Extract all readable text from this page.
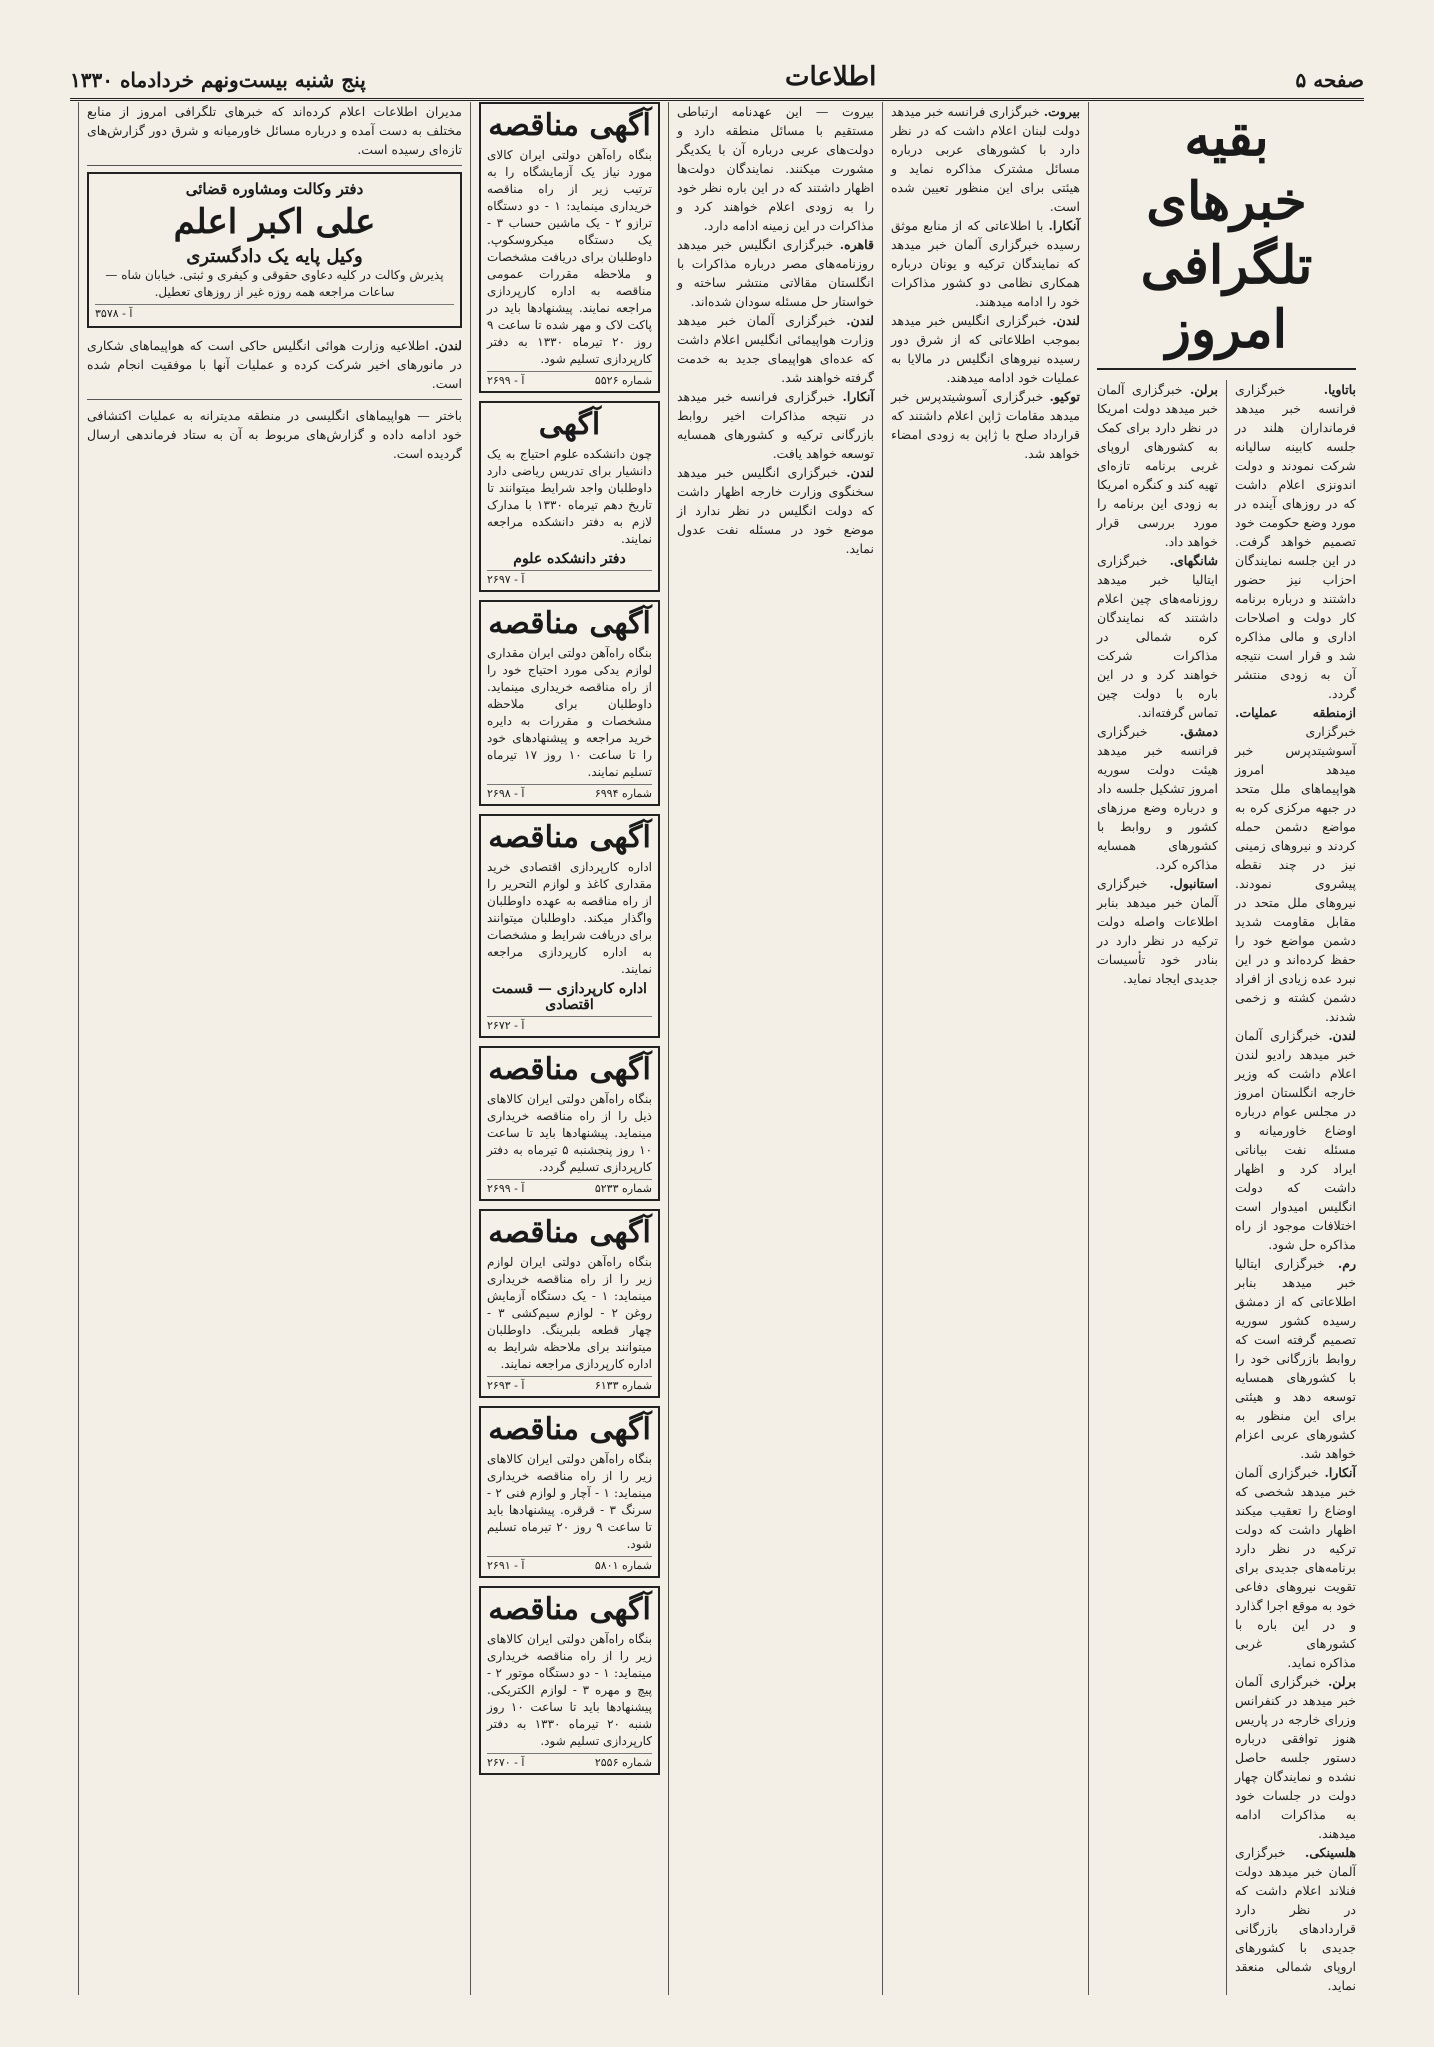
صفحه ۵
اطلاعات
پنج شنبه بیست‌ونهم خردادماه ۱۳۳۰
بقیه خبرهای تلگرافی امروز

باتاویا. خبرگزاری فرانسه خبر میدهد فرمانداران هلند در جلسه کابینه سالیانه شرکت نمودند و دولت اندونزی اعلام داشت که در روزهای آینده در مورد وضع حکومت خود تصمیم خواهد گرفت. در این جلسه نمایندگان احزاب نیز حضور داشتند و درباره برنامه کار دولت و اصلاحات اداری و مالی مذاکره شد و قرار است نتیجه آن به زودی منتشر گردد.

ازمنطقه عملیات. خبرگزاری آسوشیتدپرس خبر میدهد امروز هواپیماهای ملل متحد در جبهه مرکزی کره به مواضع دشمن حمله کردند و نیروهای زمینی نیز در چند نقطه پیشروی نمودند. نیروهای ملل متحد در مقابل مقاومت شدید دشمن مواضع خود را حفظ کرده‌اند و در این نبرد عده زیادی از افراد دشمن کشته و زخمی شدند.

لندن. خبرگزاری آلمان خبر میدهد رادیو لندن اعلام داشت که وزیر خارجه انگلستان امروز در مجلس عوام درباره اوضاع خاورمیانه و مسئله نفت بیاناتی ایراد کرد و اظهار داشت که دولت انگلیس امیدوار است اختلافات موجود از راه مذاکره حل شود.

رم. خبرگزاری ایتالیا خبر میدهد بنابر اطلاعاتی که از دمشق رسیده کشور سوریه تصمیم گرفته است که روابط بازرگانی خود را با کشورهای همسایه توسعه دهد و هیئتی برای این منظور به کشورهای عربی اعزام خواهد شد.

آنکارا. خبرگزاری آلمان خبر میدهد شخصی که اوضاع را تعقیب میکند اظهار داشت که دولت ترکیه در نظر دارد برنامه‌های جدیدی برای تقویت نیروهای دفاعی خود به موقع اجرا گذارد و در این باره با کشورهای غربی مذاکره نماید.

برلن. خبرگزاری آلمان خبر میدهد در کنفرانس وزرای خارجه در پاریس هنوز توافقی درباره دستور جلسه حاصل نشده و نمایندگان چهار دولت در جلسات خود به مذاکرات ادامه میدهند.

هلسینکی. خبرگزاری آلمان خبر میدهد دولت فنلاند اعلام داشت که در نظر دارد قراردادهای بازرگانی جدیدی با کشورهای اروپای شمالی منعقد نماید.

برلن. خبرگزاری آلمان خبر میدهد دولت امریکا در نظر دارد برای کمک به کشورهای اروپای غربی برنامه تازه‌ای تهیه کند و کنگره امریکا به زودی این برنامه را مورد بررسی قرار خواهد داد.

شانگهای. خبرگزاری ایتالیا خبر میدهد روزنامه‌های چین اعلام داشتند که نمایندگان کره شمالی در مذاکرات شرکت خواهند کرد و در این باره با دولت چین تماس گرفته‌اند.

دمشق. خبرگزاری فرانسه خبر میدهد هیئت دولت سوریه امروز تشکیل جلسه داد و درباره وضع مرزهای کشور و روابط با کشورهای همسایه مذاکره کرد.

استانبول. خبرگزاری آلمان خبر میدهد بنابر اطلاعات واصله دولت ترکیه در نظر دارد در بنادر خود تأسیسات جدیدی ایجاد نماید.

بیروت. خبرگزاری فرانسه خبر میدهد دولت لبنان اعلام داشت که در نظر دارد با کشورهای عربی درباره مسائل مشترک مذاکره نماید و هیئتی برای این منظور تعیین شده است.

آنکارا. با اطلاعاتی که از منابع موثق رسیده خبرگزاری آلمان خبر میدهد که نمایندگان ترکیه و یونان درباره همکاری نظامی دو کشور مذاکرات خود را ادامه میدهند.

لندن. خبرگزاری انگلیس خبر میدهد بموجب اطلاعاتی که از شرق دور رسیده نیروهای انگلیس در مالایا به عملیات خود ادامه میدهند.

توکیو. خبرگزاری آسوشیتدپرس خبر میدهد مقامات ژاپن اعلام داشتند که قرارداد صلح با ژاپن به زودی امضاء خواهد شد.

بیروت — این عهدنامه ارتباطی مستقیم با مسائل منطقه دارد و دولت‌های عربی درباره آن با یکدیگر مشورت میکنند. نمایندگان دولت‌ها اظهار داشتند که در این باره نظر خود را به زودی اعلام خواهند کرد و مذاکرات در این زمینه ادامه دارد.

قاهره. خبرگزاری انگلیس خبر میدهد روزنامه‌های مصر درباره مذاکرات با انگلستان مقالاتی منتشر ساخته و خواستار حل مسئله سودان شده‌اند.

لندن. خبرگزاری آلمان خبر میدهد وزارت هواپیمائی انگلیس اعلام داشت که عده‌ای هواپیمای جدید به خدمت گرفته خواهند شد.

آنکارا. خبرگزاری فرانسه خبر میدهد در نتیجه مذاکرات اخیر روابط بازرگانی ترکیه و کشورهای همسایه توسعه خواهد یافت.

لندن. خبرگزاری انگلیس خبر میدهد سخنگوی وزارت خارجه اظهار داشت که دولت انگلیس در نظر ندارد از موضع خود در مسئله نفت عدول نماید.

آگهی مناقصه

بنگاه راه‌آهن دولتی ایران کالای مورد نیاز یک آزمایشگاه را به ترتیب زیر از راه مناقصه خریداری مینماید: ۱ - دو دستگاه ترازو ۲ - یک ماشین حساب ۳ - یک دستگاه میکروسکوپ. داوطلبان برای دریافت مشخصات و ملاحظه مقررات عمومی مناقصه به اداره کارپردازی مراجعه نمایند. پیشنهادها باید در پاکت لاک و مهر شده تا ساعت ۹ روز ۲۰ تیرماه ۱۳۳۰ به دفتر کارپردازی تسلیم شود.

شماره ۵۵۲۶
آ - ۲۶۹۹
آگهی

چون دانشکده علوم احتیاج به یک دانشیار برای تدریس ریاضی دارد داوطلبان واجد شرایط میتوانند تا تاریخ دهم تیرماه ۱۳۳۰ با مدارک لازم به دفتر دانشکده مراجعه نمایند.

دفتر دانشکده علوم
آ - ۲۶۹۷
آگهی مناقصه

بنگاه راه‌آهن دولتی ایران مقداری لوازم یدکی مورد احتیاج خود را از راه مناقصه خریداری مینماید. داوطلبان برای ملاحظه مشخصات و مقررات به دایره خرید مراجعه و پیشنهادهای خود را تا ساعت ۱۰ روز ۱۷ تیرماه تسلیم نمایند.

شماره ۶۹۹۴
آ - ۲۶۹۸
آگهی مناقصه

اداره کارپردازی اقتصادی خرید مقداری کاغذ و لوازم التحریر را از راه مناقصه به عهده داوطلبان واگذار میکند. داوطلبان میتوانند برای دریافت شرایط و مشخصات به اداره کارپردازی مراجعه نمایند.

اداره کارپردازی — قسمت اقتصادی
آ - ۲۶۷۲
آگهی مناقصه

بنگاه راه‌آهن دولتی ایران کالاهای ذیل را از راه مناقصه خریداری مینماید. پیشنهادها باید تا ساعت ۱۰ روز پنجشنبه ۵ تیرماه به دفتر کارپردازی تسلیم گردد.

شماره ۵۲۳۳
آ - ۲۶۹۹
آگهی مناقصه

بنگاه راه‌آهن دولتی ایران لوازم زیر را از راه مناقصه خریداری مینماید: ۱ - یک دستگاه آزمایش روغن ۲ - لوازم سیم‌کشی ۳ - چهار قطعه بلبرینگ. داوطلبان میتوانند برای ملاحظه شرایط به اداره کارپردازی مراجعه نمایند.

شماره ۶۱۳۳
آ - ۲۶۹۳
آگهی مناقصه

بنگاه راه‌آهن دولتی ایران کالاهای زیر را از راه مناقصه خریداری مینماید: ۱ - آچار و لوازم فنی ۲ - سرنگ ۳ - قرقره. پیشنهادها باید تا ساعت ۹ روز ۲۰ تیرماه تسلیم شود.

شماره ۵۸۰۱
آ - ۲۶۹۱
آگهی مناقصه

بنگاه راه‌آهن دولتی ایران کالاهای زیر را از راه مناقصه خریداری مینماید: ۱ - دو دستگاه موتور ۲ - پیچ و مهره ۳ - لوازم الکتریکی. پیشنهادها باید تا ساعت ۱۰ روز شنبه ۲۰ تیرماه ۱۳۳۰ به دفتر کارپردازی تسلیم شود.

شماره ۲۵۵۶
آ - ۲۶۷۰

مدیران اطلاعات اعلام کرده‌اند که خبرهای تلگرافی امروز از منابع مختلف به دست آمده و درباره مسائل خاورمیانه و شرق دور گزارش‌های تازه‌ای رسیده است.

دفتر وکالت ومشاوره قضائی
علی اکبر اعلم
وکیل پایه یک دادگستری

پذیرش وکالت در کلیه دعاوی حقوقی و کیفری و ثبتی. خیابان شاه — ساعات مراجعه همه روزه غیر از روزهای تعطیل.

آ - ۳۵۷۸

لندن. اطلاعیه وزارت هوائی انگلیس حاکی است که هواپیماهای شکاری در مانورهای اخیر شرکت کرده و عملیات آنها با موفقیت انجام شده است.

باختر — هواپیماهای انگلیسی در منطقه مدیترانه به عملیات اکتشافی خود ادامه داده و گزارش‌های مربوط به آن به ستاد فرماندهی ارسال گردیده است.
